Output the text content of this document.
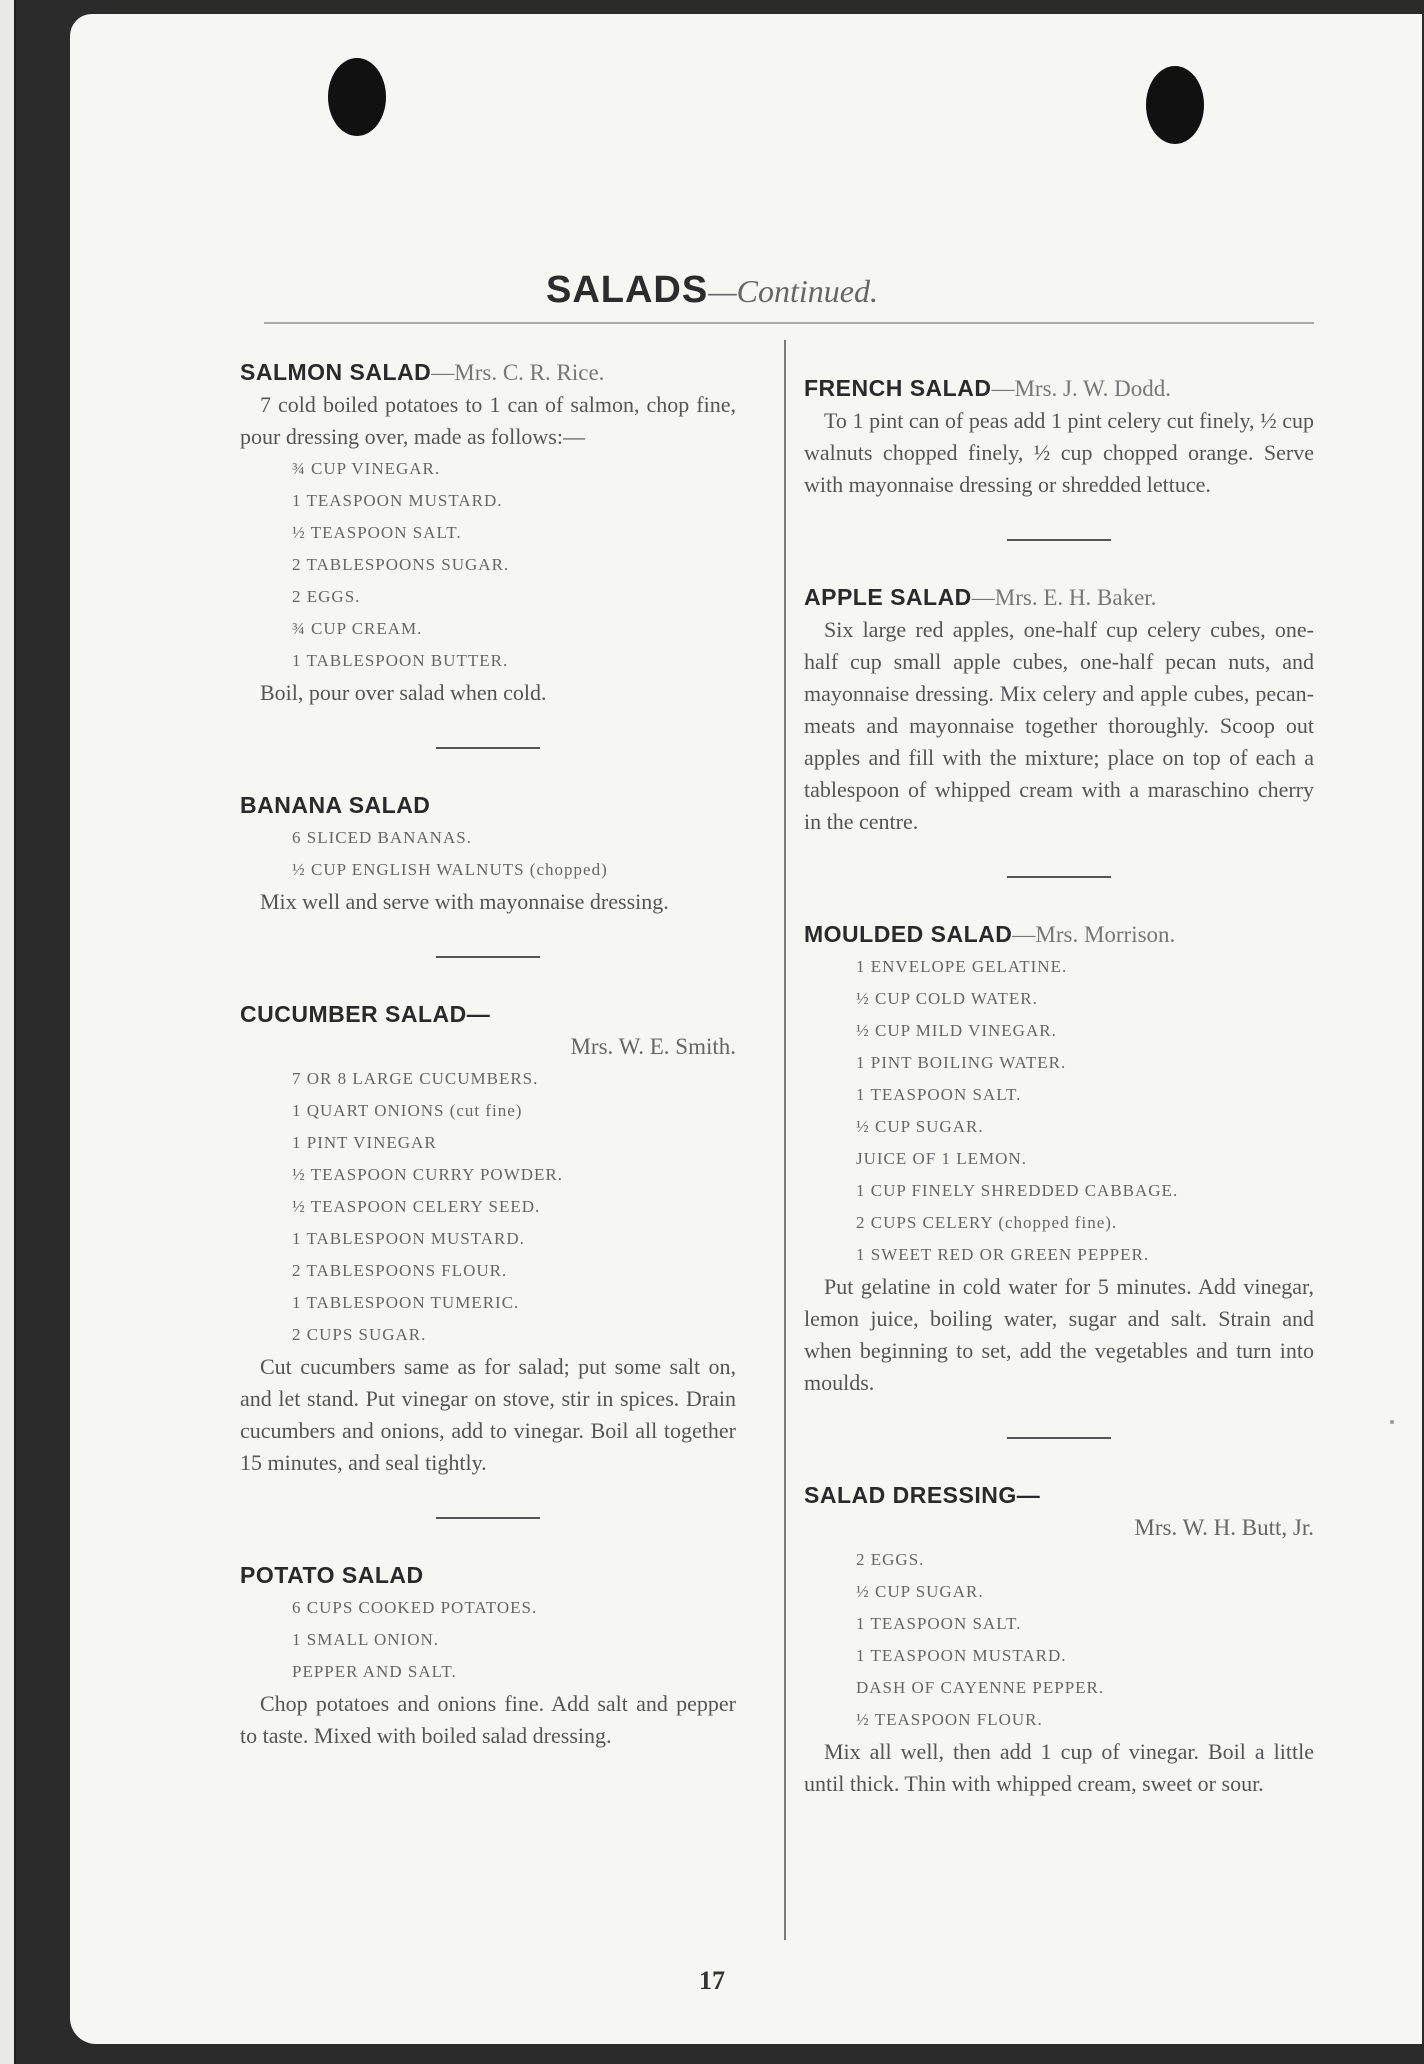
SALADS—Continued.
SALMON SALAD—Mrs. C. R. Rice.

7 cold boiled potatoes to 1 can of salmon, chop fine, pour dressing over, made as follows:—

¾ CUP VINEGAR.
1 TEASPOON MUSTARD.
½ TEASPOON SALT.
2 TABLESPOONS SUGAR.
2 EGGS.
¾ CUP CREAM.
1 TABLESPOON BUTTER.

Boil, pour over salad when cold.

BANANA SALAD
6 SLICED BANANAS.
½ CUP ENGLISH WALNUTS (chopped)

Mix well and serve with mayonnaise dressing.

CUCUMBER SALAD—
Mrs. W. E. Smith.
7 OR 8 LARGE CUCUMBERS.
1 QUART ONIONS (cut fine)
1 PINT VINEGAR
½ TEASPOON CURRY POWDER.
½ TEASPOON CELERY SEED.
1 TABLESPOON MUSTARD.
2 TABLESPOONS FLOUR.
1 TABLESPOON TUMERIC.
2 CUPS SUGAR.

Cut cucumbers same as for salad; put some salt on, and let stand. Put vinegar on stove, stir in spices. Drain cucumbers and onions, add to vinegar. Boil all together 15 minutes, and seal tightly.

POTATO SALAD
6 CUPS COOKED POTATOES.
1 SMALL ONION.
PEPPER AND SALT.

Chop potatoes and onions fine. Add salt and pepper to taste. Mixed with boiled salad dressing.

FRENCH SALAD—Mrs. J. W. Dodd.

To 1 pint can of peas add 1 pint celery cut finely, ½ cup walnuts chopped finely, ½ cup chopped orange. Serve with mayonnaise dressing or shredded lettuce.

APPLE SALAD—Mrs. E. H. Baker.

Six large red apples, one-half cup celery cubes, one-half cup small apple cubes, one-half pecan nuts, and mayonnaise dressing. Mix celery and apple cubes, pecan-meats and mayonnaise together thoroughly. Scoop out apples and fill with the mixture; place on top of each a tablespoon of whipped cream with a maraschino cherry in the centre.

MOULDED SALAD—Mrs. Morrison.
1 ENVELOPE GELATINE.
½ CUP COLD WATER.
½ CUP MILD VINEGAR.
1 PINT BOILING WATER.
1 TEASPOON SALT.
½ CUP SUGAR.
JUICE OF 1 LEMON.
1 CUP FINELY SHREDDED CABBAGE.
2 CUPS CELERY (chopped fine).
1 SWEET RED OR GREEN PEPPER.

Put gelatine in cold water for 5 minutes. Add vinegar, lemon juice, boiling water, sugar and salt. Strain and when beginning to set, add the vegetables and turn into moulds.

SALAD DRESSING—
Mrs. W. H. Butt, Jr.
2 EGGS.
½ CUP SUGAR.
1 TEASPOON SALT.
1 TEASPOON MUSTARD.
DASH OF CAYENNE PEPPER.
½ TEASPOON FLOUR.

Mix all well, then add 1 cup of vinegar. Boil a little until thick. Thin with whipped cream, sweet or sour.

17
